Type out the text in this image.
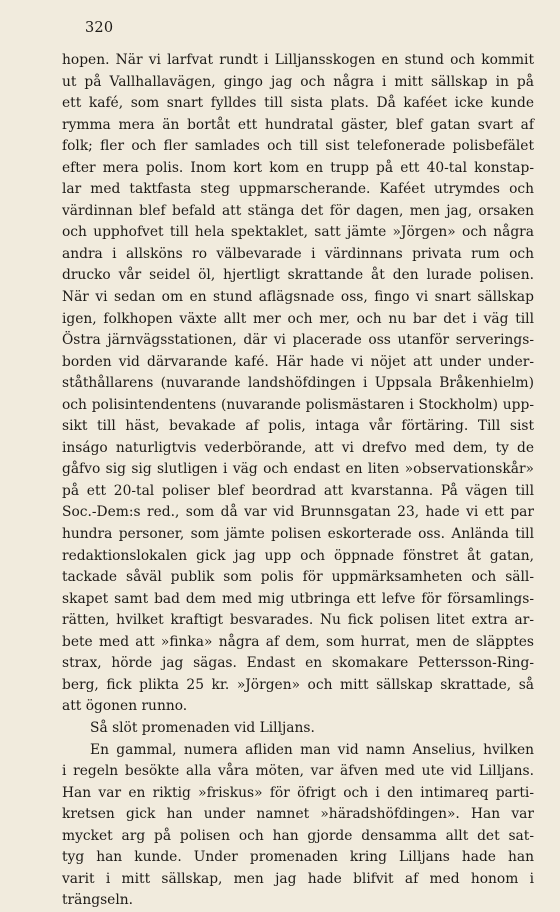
320
hopen. När vi larfvat rundt i Lilljansskogen en stund och kommit
ut på Vallhallavägen, gingo jag och några i mitt sällskap in på
ett kafé, som snart fylldes till sista plats. Då kaféet icke kunde
rymma mera än bortåt ett hundratal gäster, blef gatan svart af
folk; fler och fler samlades och till sist telefonerade polisbefälet
efter mera polis. Inom kort kom en trupp på ett 40-tal konstap-
lar med taktfasta steg uppmarscherande. Kaféet utrymdes och
värdinnan blef befald att stänga det för dagen, men jag, orsaken
och upphofvet till hela spektaklet, satt jämte »Jörgen» och några
andra i allsköns ro välbevarade i värdinnans privata rum och
drucko vår seidel öl, hjertligt skrattande åt den lurade polisen.
När vi sedan om en stund aflägsnade oss, fingo vi snart sällskap
igen, folkhopen växte allt mer och mer, och nu bar det i väg till
Östra järnvägsstationen, där vi placerade oss utanför serverings-
borden vid därvarande kafé. Här hade vi nöjet att under under-
ståthållarens (nuvarande landshöfdingen i Uppsala Bråkenhielm)
och polisintendentens (nuvarande polismästaren i Stockholm) upp-
sikt till häst, bevakade af polis, intaga vår förtäring. Till sist
inságo naturligtvis vederbörande, att vi drefvo med dem, ty de
gåfvo sig sig slutligen i väg och endast en liten »observationskår»
på ett 20-tal poliser blef beordrad att kvarstanna. På vägen till
Soc.-Dem:s red., som då var vid Brunnsgatan 23, hade vi ett par
hundra personer, som jämte polisen eskorterade oss. Anlända till
redaktionslokalen gick jag upp och öppnade fönstret åt gatan,
tackade såväl publik som polis för uppmärksamheten och säll-
skapet samt bad dem med mig utbringa ett lefve för församlings-
rätten, hvilket kraftigt besvarades. Nu fick polisen litet extra ar-
bete med att »finka» några af dem, som hurrat, men de släpptes
strax, hörde jag sägas. Endast en skomakare Pettersson-Ring-
berg, fick plikta 25 kr. »Jörgen» och mitt sällskap skrattade, så
att ögonen runno.
Så slöt promenaden vid Lilljans.
En gammal, numera afliden man vid namn Anselius, hvilken
i regeln besökte alla våra möten, var äfven med ute vid Lilljans.
Han var en riktig »friskus» för öfrigt och i den intimareq parti-
kretsen gick han under namnet »häradshöfdingen». Han var
mycket arg på polisen och han gjorde densamma allt det sat-
tyg han kunde. Under promenaden kring Lilljans hade han
varit i mitt sällskap, men jag hade blifvit af med honom i
trängseln.
